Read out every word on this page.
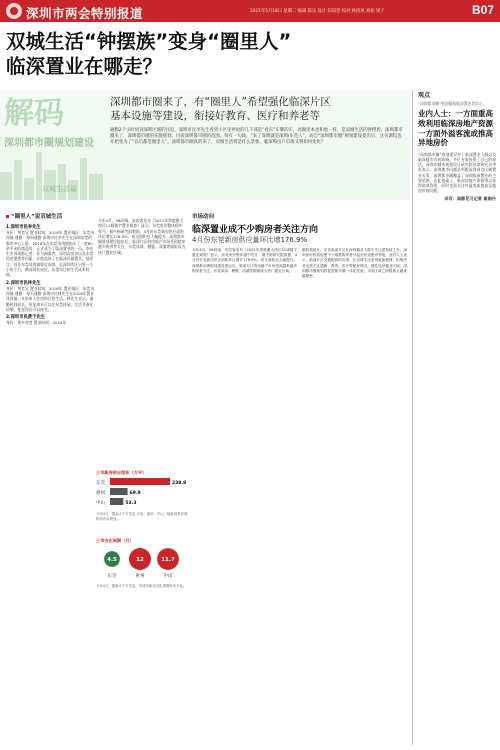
深圳市两会特别报道	2021年5月18日 星期二 编辑 陈乐 设计 知知老 校对 林清风 刘如 梁子	B07
双城生活“钟摆族”变身“圈里人”
临深置业在哪走？
解码
深圳都市圈规划建设
双城生活篇
深圳都市圈来了，有“圈里人”希望强化临深片区
基本设施等建设，衔接好教育、医疗和养老等
通勤2个小时同到深圳区域的往返，深圳市民李先生看到小区里停放的几千部是“看东”车牌的车，而圈里本也和他一样，是双城生活的钟摆族。深圳都市圈来了，深圳都市圈的实施规划。目前深圳都市圈的范围，将有一句政，“来了深圳就是深圳/东莞人”，而自“深圳都市圈”规划建设提出后，这句调侃也开始变为了“以后都是圈里人”。深圳都市圈真的来了，双城生活将是什么景象，临深购房户市场又将如何变化？
观点
“深圳都市圈”规划提振临深置业者信心
业内人士：一方面重高效利用临深房地产资源一方面外溢客流或推高异地房价
“深圳都市圈”规划建设对于临深置业人群以及临深楼市有何影响。多位专家投资了自己的看法。深圳市城市规划设计研究院首席研究员李雷表示，深圳楼市问题必须跟深圳周边区域置业关系，深圳都市圈覆盖了深圳临深置业的主要范围，在此基础上，临深房地产资源得以获得高效利用，同时也需关注外溢客流推高异地房价的问题。
采写：南都见习记者 崔娟丹
“圈里人”说双城生活
1.深圳市民李先生
身份：判者宝 置业时间：2018年 置业城区：东莞凤岗镇 通勤：每周通勤 深圳市民李先生在深圳东莞的都市中心上班，2018年在东莞凤岗镇购买了一套80余平米的商品房，正式成为了临深置业的一员。李先生告诉南都记者，作为刚需者，深圳高房价以及东莞购房便利等因素，让他选择了在临深区域置业。他坦言，首先东莞凤岗镇靠近深圳，去深圳市区只要一个小时左右，离深圳比较近，东莞周边的生活成本较低。
2.深圳市民林先生
身份：判者宝 置业时间：2016年 置业城区：东莞凤岗镇 通勤：每天通勤 深圳市民林先生在2016年置业凤岗镇，开始家人住房的日常生活。林先生表示，通勤时间较长，但是周末可以在东莞休闲，生活节奏比较慢，他觉得还可以接受。
3.深圳市民黄于先生
身份：黄多智者 置业时间：2019年
今年4月，58同城、安居客发布《2021年粤港澳大湾区11城楼宇置业调查》显示，东莞房价整体稳中有升。据中指研究院数据，4月份东莞新房供应面积环比增长176.9%，成交面积也大幅提升。深圳都市圈规划建设提出后，临深片区的房地产市场受到越来越多购房者关注，东莞凤岗、塘厦、清溪等镇街成为热门置业区域。
三市新房供应面积（万平）
东莞	238.8
惠州	69.9
中山	53.3
今年4月，据南大千方信息 东莞、惠州、中山三地新房供应面积均有所增加。
三市去化周期（月）
4.5
东莞
12
惠州
11.7
中山
今年4月，据南大千方信息，各城市新房去化周期有所分化。
市场动向
临深置业成不少购房者关注方向
4月份东莞新房供应量环比增176.9%
今年4月，58同城、安居客发布《2021年粤港澳大湾区11城楼宇置业调查》显示，东莞房价整体稳中有升。据中指研究院数据，4月份东莞新房供应面积环比增长176.9%，成交面积也大幅提升。深圳都市圈规划建设提出后，临深片区的房地产市场受到越来越多购房者关注，东莞凤岗、塘厦、清溪等镇街成为热门置业区域。
据机构统计，东莞临深片区在深圳置业人群中关注度持续上升，深圳房价较高促使不少刚需购房者外溢至东莞惠州等地。业内人士表示，临深片区交通配套的完善，让双城生活变得更加便捷，但购房者也需关注通勤、教育、医疗等配套情况，理性选择置业区域。深圳都市圈规划将促进都市圈一体化发展，未来区域之间联系会越来越紧密。
